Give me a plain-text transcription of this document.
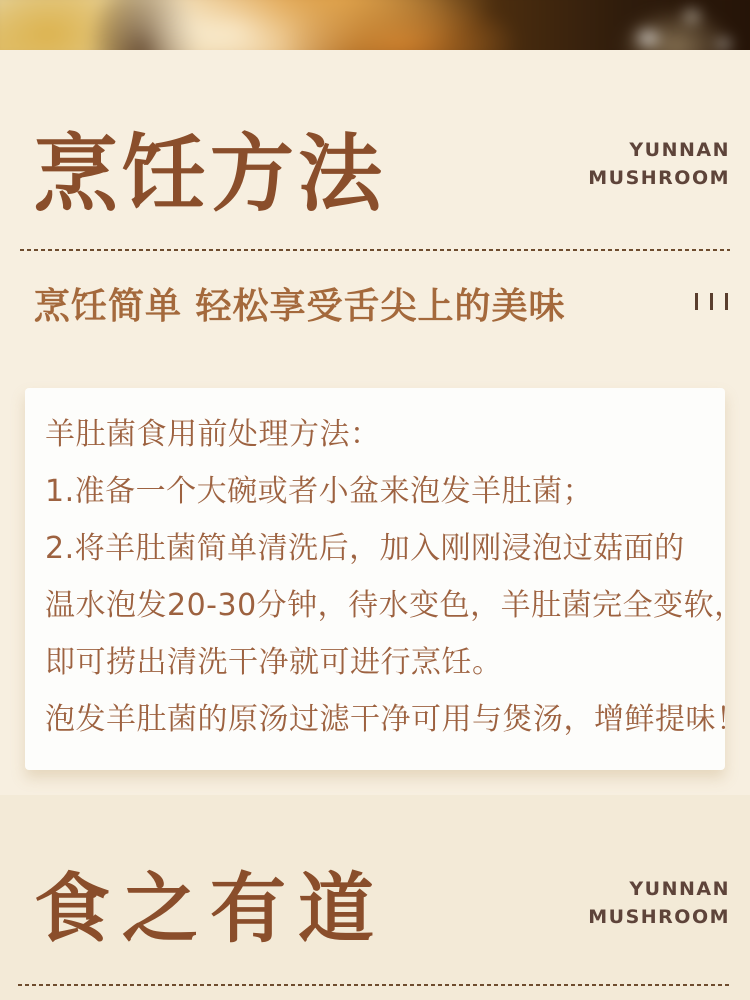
烹饪方法	YUNNAN
MUSHROOM
烹饪简单 轻松享受舌尖上的美味
羊肚菌食用前处理方法：
1.准备一个大碗或者小盆来泡发羊肚菌；
2.将羊肚菌简单清洗后，加入刚刚浸泡过菇面的
温水泡发20-30分钟，待水变色，羊肚菌完全变软，
即可捞出清洗干净就可进行烹饪。
泡发羊肚菌的原汤过滤干净可用与煲汤，增鲜提味！
食之有道	YUNNAN
MUSHROOM
